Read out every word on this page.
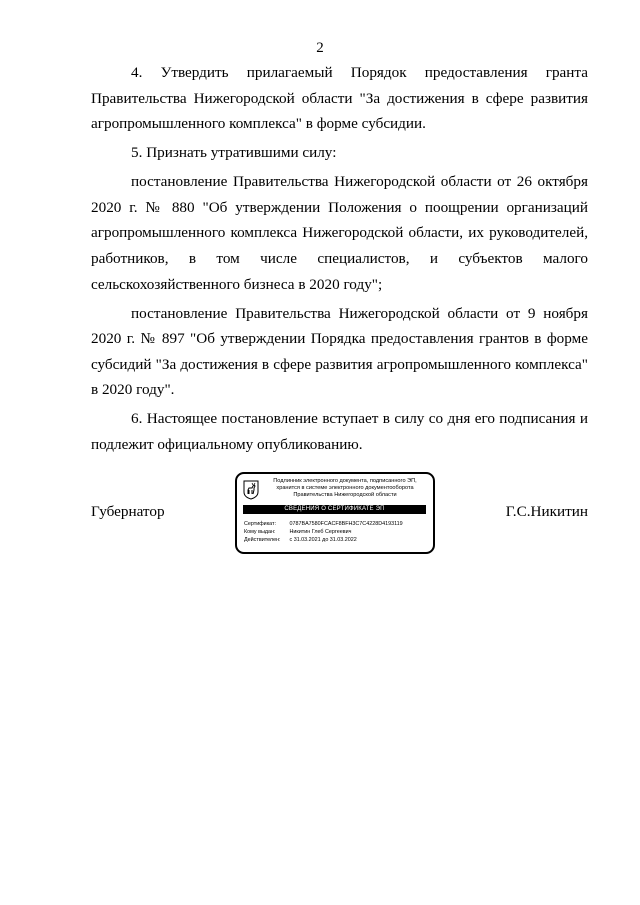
2

4. Утвердить прилагаемый Порядок предоставления гранта Правительства Нижегородской области "За достижения в сфере развития агропромышленного комплекса" в форме субсидии.

5. Признать утратившими силу:

постановление Правительства Нижегородской области от 26 октября 2020 г. № 880 "Об утверждении Положения о поощрении организаций агропромышленного комплекса Нижегородской области, их руководителей, работников, в том числе специалистов, и субъектов малого сельскохозяйственного бизнеса в 2020 году";

постановление Правительства Нижегородской области от 9 ноября 2020 г. № 897 "Об утверждении Порядка предоставления грантов в форме субсидий "За достижения в сфере развития агропромышленного комплекса" в 2020 году".

6. Настоящее постановление вступает в силу со дня его подписания и подлежит официальному опубликованию.

Губернатор
Подлинник электронного документа, подписанного ЭП,
хранится в системе электронного документооборота
Правительства Нижегородской области
СВЕДЕНИЯ О СЕРТИФИКАТЕ ЭП
Сертификат: 0787BA7580FCACF8BFH3C7C4228D4193119
Кому выдан:	Никитин Глеб Сергеевич
Действителен: с 31.03.2021 до 31.03.2022
Г.С.Никитин
